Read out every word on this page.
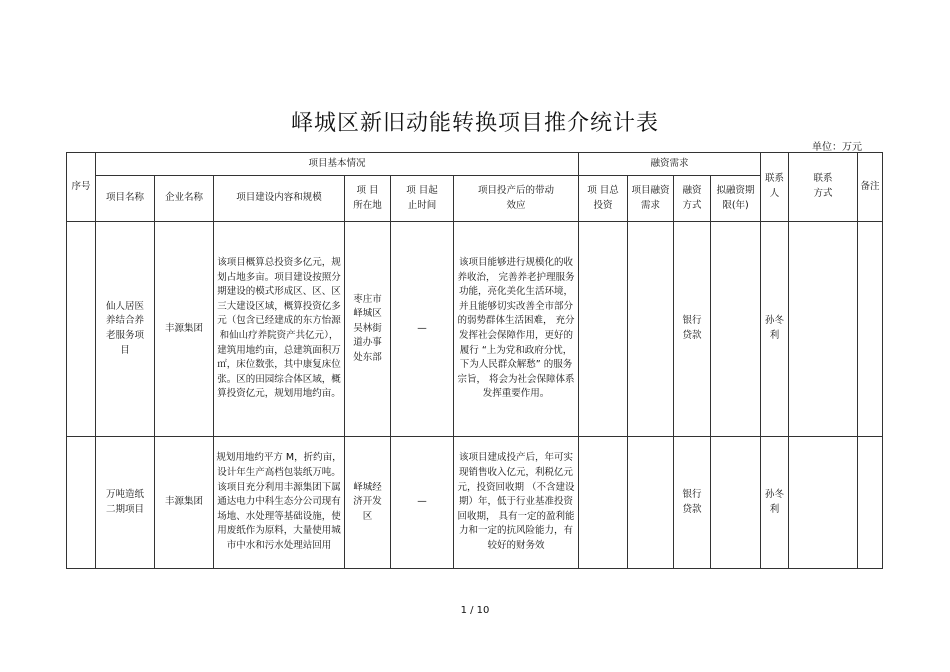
峄城区新旧动能转换项目推介统计表
单位：万元
序号	项目基本情况						融资需求				联系人	联系方式	备注
	项目名称	企业名称	项目建设内容和规模	项 目所在地	项 目起止时间	项目投产后的带动效应	项 目总投资	项目融资需求	融资方式	拟融资期限(年)			
	仙人居医养结合养老服务项目	丰源集团	该项目概算总投资多亿元，规划占地多亩。项目建设按照分期建设的模式形成区、区、区三大建设区域，概算投资亿多元（包含已经建成的东方怡源和仙山疗养院资产共亿元），建筑用地约亩，总建筑面积万㎡，床位数张，其中康复床位张。区的田园综合体区域，概算投资亿元，规划用地约亩。	枣庄市峄城区吴林街道办事处东部	—	该项目能够进行规模化的收养收治， 完善养老护理服务功能，亮化美化生活环境，并且能够切实改善全市部分的弱势群体生活困难， 充分发挥社会保障作用，更好的履行 “上为党和政府分忧， 下为人民群众解愁” 的服务宗旨， 将会为社会保障体系发挥重要作用。			银行贷款		孙冬利		
	万吨造纸二期项目	丰源集团	规划用地约平方 M，折约亩，设计年生产高档包装纸万吨。该项目充分利用丰源集团下属通达电力中科生态分公司现有场地、水处理等基础设施，使用废纸作为原料，大量使用城市中水和污水处理站回用	峄城经济开发区	—	该项目建成投产后，年可实现销售收入亿元，利税亿元元，投资回收期 （不含建设期）年，低于行业基准投资回收期， 具有一定的盈利能力和一定的抗风险能力，有较好的财务效			银行贷款		孙冬利		
1 / 10
